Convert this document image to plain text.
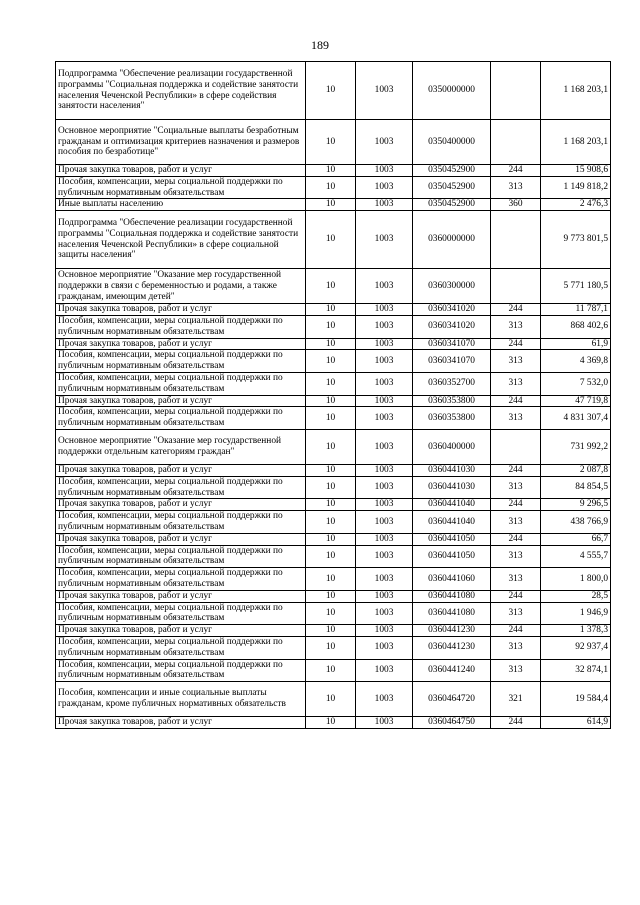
189
Подпрограмма "Обеспечение реализации государственной программы "Социальная поддержка и содействие занятости населения Чеченской Республики» в сфере содействия занятости населения"	10	1003	0350000000		1 168 203,1
Основное мероприятие "Социальные выплаты безработным гражданам и оптимизация критериев назначения и размеров пособия по безработице"	10	1003	0350400000		1 168 203,1
Прочая закупка товаров, работ и услуг	10	1003	0350452900	244	15 908,6
Пособия, компенсации, меры социальной поддержки по публичным нормативным обязательствам	10	1003	0350452900	313	1 149 818,2
Иные выплаты населению	10	1003	0350452900	360	2 476,3
Подпрограмма "Обеспечение реализации государственной программы "Социальная поддержка и содействие занятости населения Чеченской Республики» в сфере социальной защиты населения"	10	1003	0360000000		9 773 801,5
Основное мероприятие "Оказание мер государственной поддержки в связи с беременностью и родами, а также гражданам, имеющим детей"	10	1003	0360300000		5 771 180,5
Прочая закупка товаров, работ и услуг	10	1003	0360341020	244	11 787,1
Пособия, компенсации, меры социальной поддержки по публичным нормативным обязательствам	10	1003	0360341020	313	868 402,6
Прочая закупка товаров, работ и услуг	10	1003	0360341070	244	61,9
Пособия, компенсации, меры социальной поддержки по публичным нормативным обязательствам	10	1003	0360341070	313	4 369,8
Пособия, компенсации, меры социальной поддержки по публичным нормативным обязательствам	10	1003	0360352700	313	7 532,0
Прочая закупка товаров, работ и услуг	10	1003	0360353800	244	47 719,8
Пособия, компенсации, меры социальной поддержки по публичным нормативным обязательствам	10	1003	0360353800	313	4 831 307,4
Основное мероприятие "Оказание мер государственной поддержки отдельным категориям граждан"	10	1003	0360400000		731 992,2
Прочая закупка товаров, работ и услуг	10	1003	0360441030	244	2 087,8
Пособия, компенсации, меры социальной поддержки по публичным нормативным обязательствам	10	1003	0360441030	313	84 854,5
Прочая закупка товаров, работ и услуг	10	1003	0360441040	244	9 296,5
Пособия, компенсации, меры социальной поддержки по публичным нормативным обязательствам	10	1003	0360441040	313	438 766,9
Прочая закупка товаров, работ и услуг	10	1003	0360441050	244	66,7
Пособия, компенсации, меры социальной поддержки по публичным нормативным обязательствам	10	1003	0360441050	313	4 555,7
Пособия, компенсации, меры социальной поддержки по публичным нормативным обязательствам	10	1003	0360441060	313	1 800,0
Прочая закупка товаров, работ и услуг	10	1003	0360441080	244	28,5
Пособия, компенсации, меры социальной поддержки по публичным нормативным обязательствам	10	1003	0360441080	313	1 946,9
Прочая закупка товаров, работ и услуг	10	1003	0360441230	244	1 378,3
Пособия, компенсации, меры социальной поддержки по публичным нормативным обязательствам	10	1003	0360441230	313	92 937,4
Пособия, компенсации, меры социальной поддержки по публичным нормативным обязательствам	10	1003	0360441240	313	32 874,1
Пособия, компенсации и иные социальные выплаты гражданам, кроме публичных нормативных обязательств	10	1003	0360464720	321	19 584,4
Прочая закупка товаров, работ и услуг	10	1003	0360464750	244	614,9
